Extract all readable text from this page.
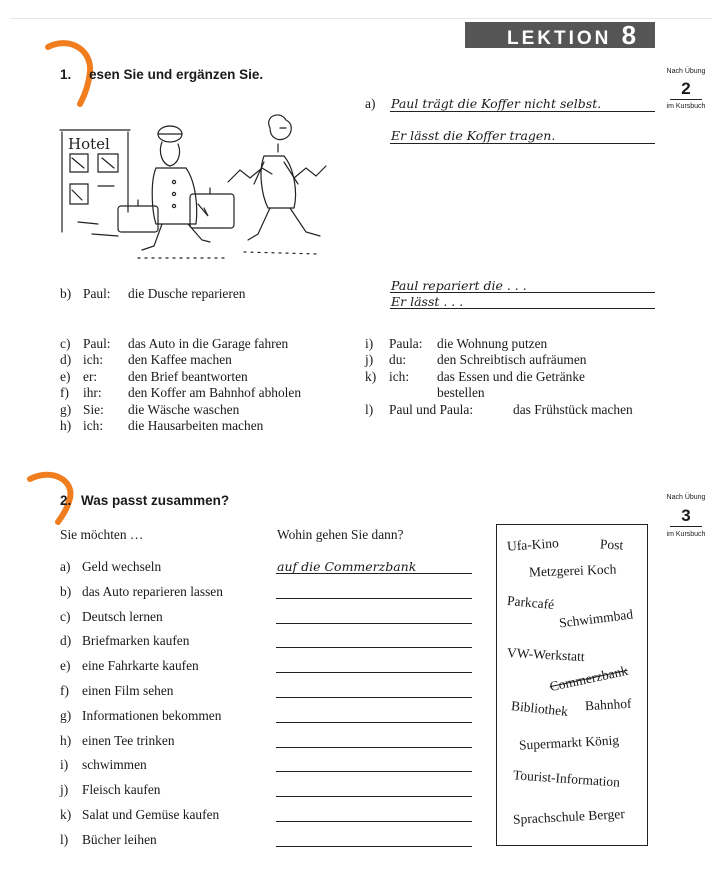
LEKTION 8
1. esen Sie und ergänzen Sie.	Nach Übung
2
im Kursbuch
Hotel
a) Paul trägt die Koffer nicht selbst.
Er lässt die Koffer tragen.
b) Paul: die Dusche reparieren
Paul repariert die . . .
Er lässt . . .
c) Paul: das Auto in die Garage fahren
d) ich: den Kaffee machen
e) er: den Brief beantworten
f) ihr: den Koffer am Bahnhof abholen
g) Sie: die Wäsche waschen
h) ich: die Hausarbeiten machen
i) Paula: die Wohnung putzen
j) du: den Schreibtisch aufräumen
k) ich: das Essen und die Getränke
bestellen
l) Paul und Paula:	das Frühstück machen
2. Was passt zusammen?	Nach Übung
3
im Kursbuch
Sie möchten …	Wohin gehen Sie dann?
a) Geld wechseln	auf die Commerzbank
b) das Auto reparieren lassen
c) Deutsch lernen
d) Briefmarken kaufen
e) eine Fahrkarte kaufen
f) einen Film sehen
g) Informationen bekommen
h) einen Tee trinken
i) schwimmen
j) Fleisch kaufen
k) Salat und Gemüse kaufen
l) Bücher leihen
Ufa-Kino	Post
Metzgerei Koch
Parkcafé
Schwimmbad
VW-Werkstatt
Commerzbank
Bibliothek Bahnhof
Supermarkt König
Tourist-Information
Sprachschule Berger
